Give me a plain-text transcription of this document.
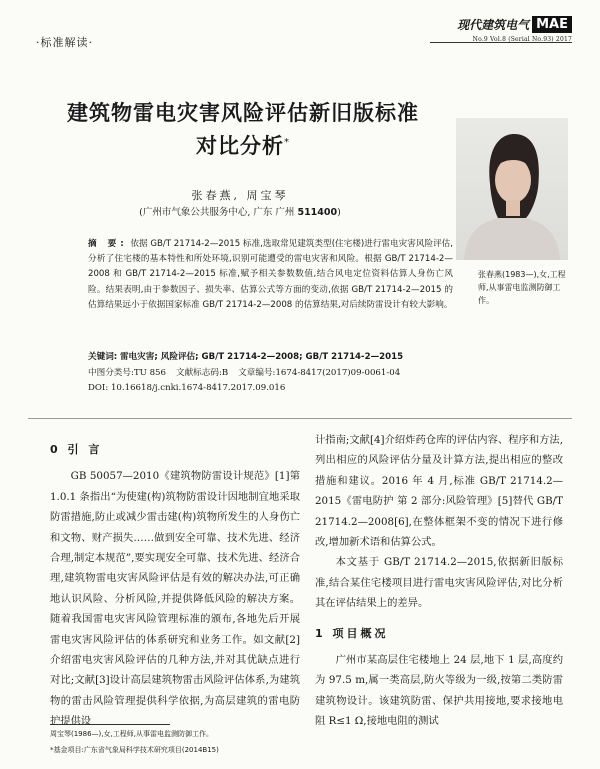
·标准解读·
现代建筑电气 MAE
No.9 Vol.8 (Serial No.93) 2017
建筑物雷电灾害风险评估新旧版标准
对比分析*
张春燕(1983—),女,工程师,从事雷电监测防御工作。
张春燕, 周宝琴
(广州市气象公共服务中心, 广东 广州 511400)
摘 要: 依据 GB/T 21714-2—2015 标准,选取常见建筑类型(住宅楼)进行雷电灾害风险评估,分析了住宅楼的基本特性和所处环境,识别可能遭受的雷电灾害和风险。根据 GB/T 21714-2—2008 和 GB/T 21714-2—2015 标准,赋予相关参数数值,结合风电定位资料估算人身伤亡风险。结果表明,由于参数因子、损失率、估算公式等方面的变动,依据 GB/T 21714-2—2015 的估算结果远小于依据国家标准 GB/T 21714-2—2008 的估算结果,对后续防雷设计有较大影响。
关键词: 雷电灾害; 风险评估; GB/T 21714-2—2008; GB/T 21714-2—2015
中图分类号:TU 856 文献标志码:B 文章编号:1674-8417(2017)09-0061-04
DOI: 10.16618/j.cnki.1674-8417.2017.09.016
0 引 言

GB 50057—2010《建筑物防雷设计规范》[1]第 1.0.1 条指出“为使建(构)筑物防雷设计因地制宜地采取防雷措施,防止或减少雷击建(构)筑物所发生的人身伤亡和文物、财产损失……做到安全可靠、技术先进、经济合理,制定本规范”,要实现安全可靠、技术先进、经济合理,建筑物雷电灾害风险评估是有效的解决办法,可正确地认识风险、分析风险,并提供降低风险的解决方案。随着我国雷电灾害风险管理标准的颁布,各地先后开展雷电灾害风险评估的体系研究和业务工作。如文献[2]介绍雷电灾害风险评估的几种方法,并对其优缺点进行对比;文献[3]设计高层建筑物雷击风险评估体系,为建筑物的雷击风险管理提供科学依据,为高层建筑的雷电防护提供设

计指南;文献[4]介绍炸药仓库的评估内容、程序和方法,列出相应的风险评估分量及计算方法,提出相应的整改措施和建议。2016 年 4 月,标准 GB/T 21714.2—2015《雷电防护 第 2 部分:风险管理》[5]替代 GB/T 21714.2—2008[6],在整体框架不变的情况下进行修改,增加新术语和估算公式。

本文基于 GB/T 21714.2—2015,依据新旧版标准,结合某住宅楼项目进行雷电灾害风险评估,对比分析其在评估结果上的差异。

1 项目概况

广州市某高层住宅楼地上 24 层,地下 1 层,高度约为 97.5 m,属一类高层,防火等级为一级,按第二类防雷建筑物设计。该建筑防雷、保护共用接地,要求接地电阻 R≤1 Ω,接地电阻的测试

周宝琴(1986—),女,工程师,从事雷电监测防御工作。
*基金项目:广东省气象局科学技术研究项目(2014B15)
